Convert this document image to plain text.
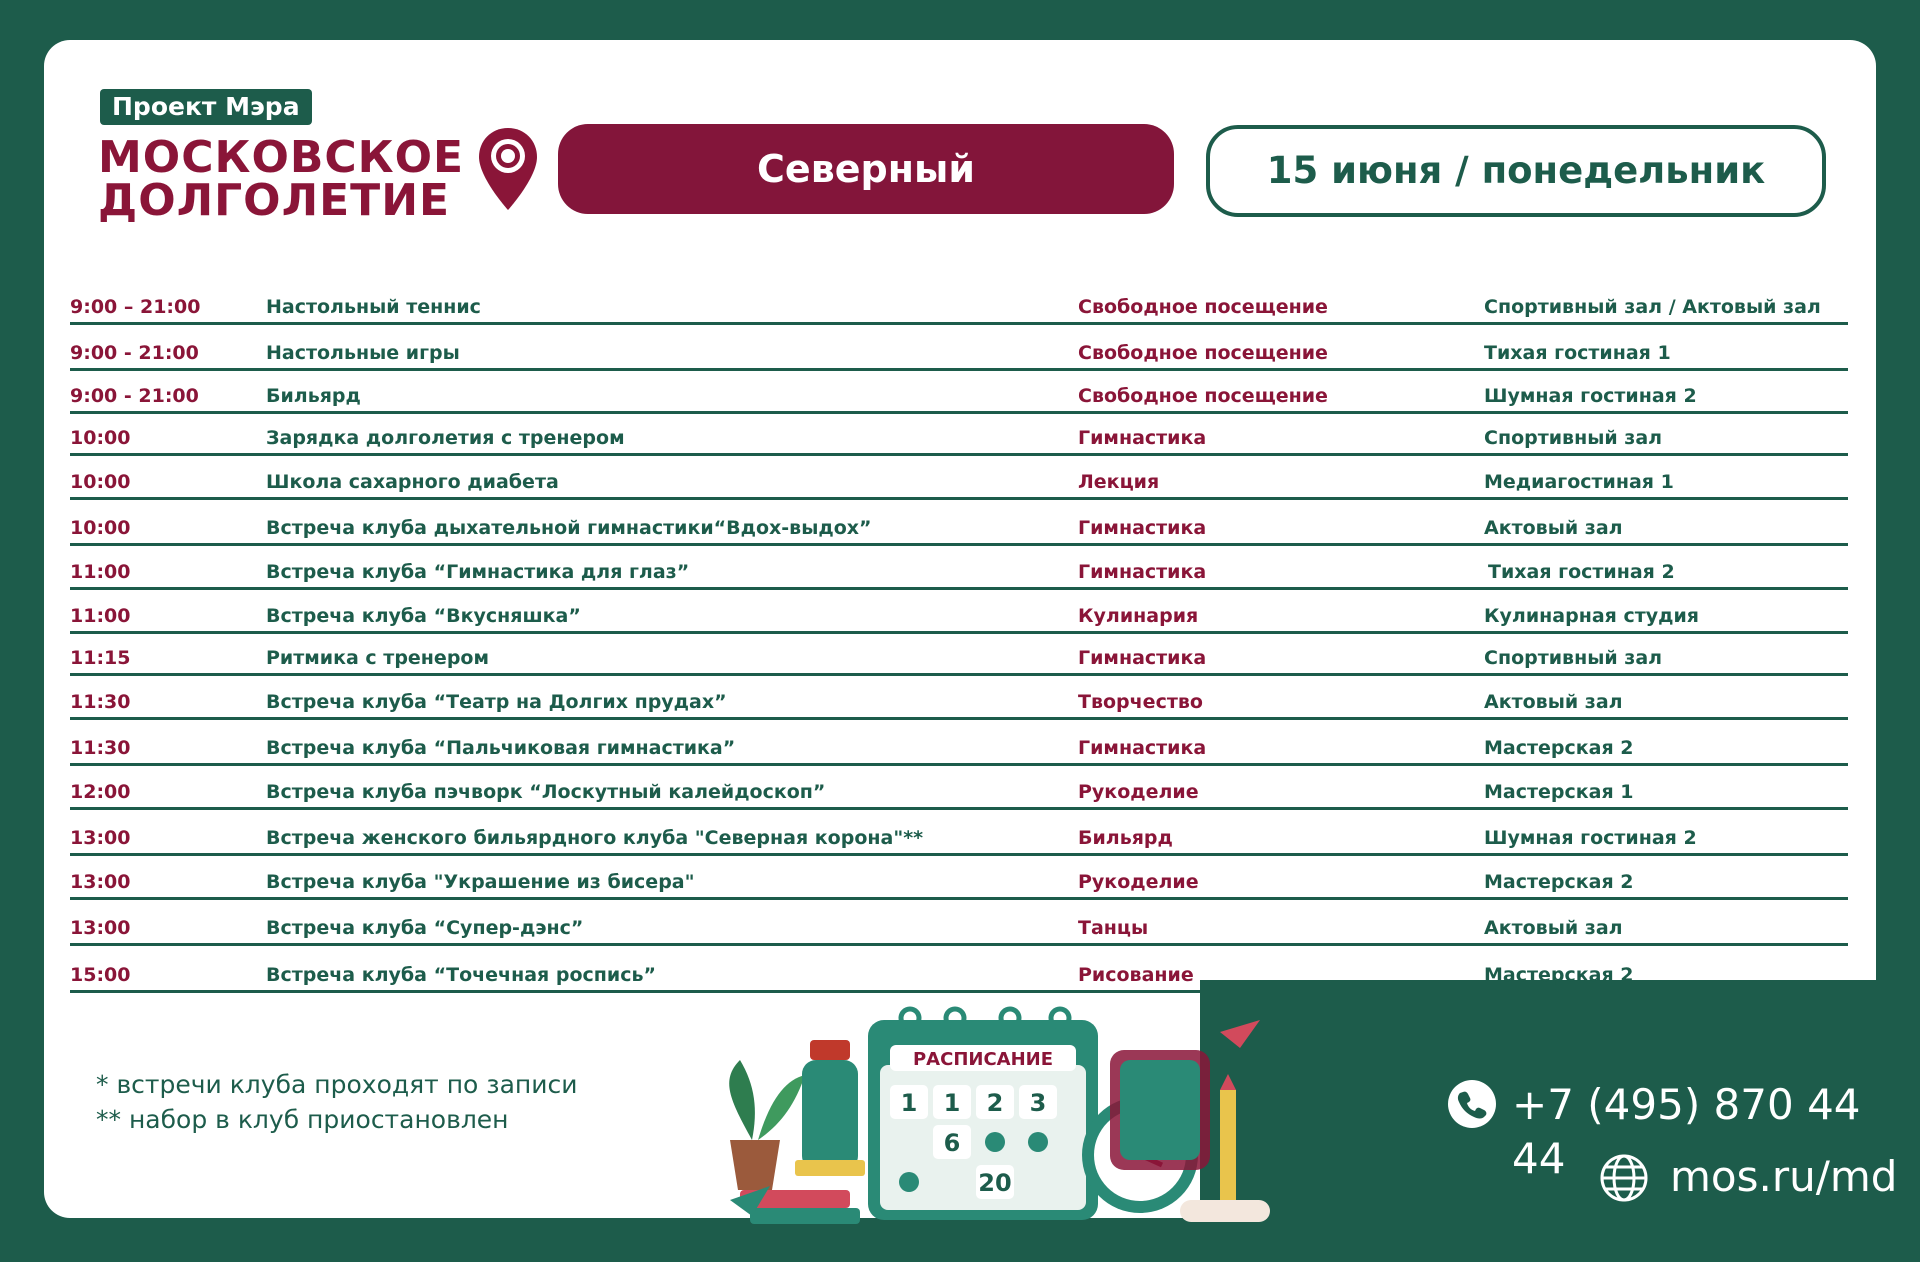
Проект Мэра
МОСКОВСКОЕ
ДОЛГОЛЕТИЕ
Северный	15 июня / понедельник
9:00 – 21:00	Настольный теннис	Свободное посещение	Спортивный зал / Актовый зал
9:00 - 21:00	Настольные игры	Свободное посещение	Тихая гостиная 1
9:00 - 21:00	Бильярд	Свободное посещение	Шумная гостиная 2
10:00	Зарядка долголетия с тренером	Гимнастика	Спортивный зал
10:00	Школа сахарного диабета	Лекция	Медиагостиная 1
10:00	Встреча клуба дыхательной гимнастики“Вдох-выдох”	Гимнастика	Актовый зал
11:00	Встреча клуба “Гимнастика для глаз”	Гимнастика	Тихая гостиная 2
11:00	Встреча клуба “Вкусняшка”	Кулинария	Кулинарная студия
11:15	Ритмика с тренером	Гимнастика	Спортивный зал
11:30	Встреча клуба “Театр на Долгих прудах”	Творчество	Актовый зал
11:30	Встреча клуба “Пальчиковая гимнастика”	Гимнастика	Мастерская 2
12:00	Встреча клуба пэчворк “Лоскутный калейдоскоп”	Рукоделие	Мастерская 1
13:00	Встреча женского бильярдного клуба "Северная корона"**	Бильярд	Шумная гостиная 2
13:00	Встреча клуба "Украшение из бисера"	Рукоделие	Мастерская 2
13:00	Встреча клуба “Супер-дэнс”	Танцы	Актовый зал
15:00	Встреча клуба “Точечная роспись”	Рисование	Мастерская 2
* встречи клуба проходят по записи
** набор в клуб приостановлен
РАСПИСАНИЕ
1 1 2 3
6
20
+7 (495) 870 44 44	mos.ru/md
